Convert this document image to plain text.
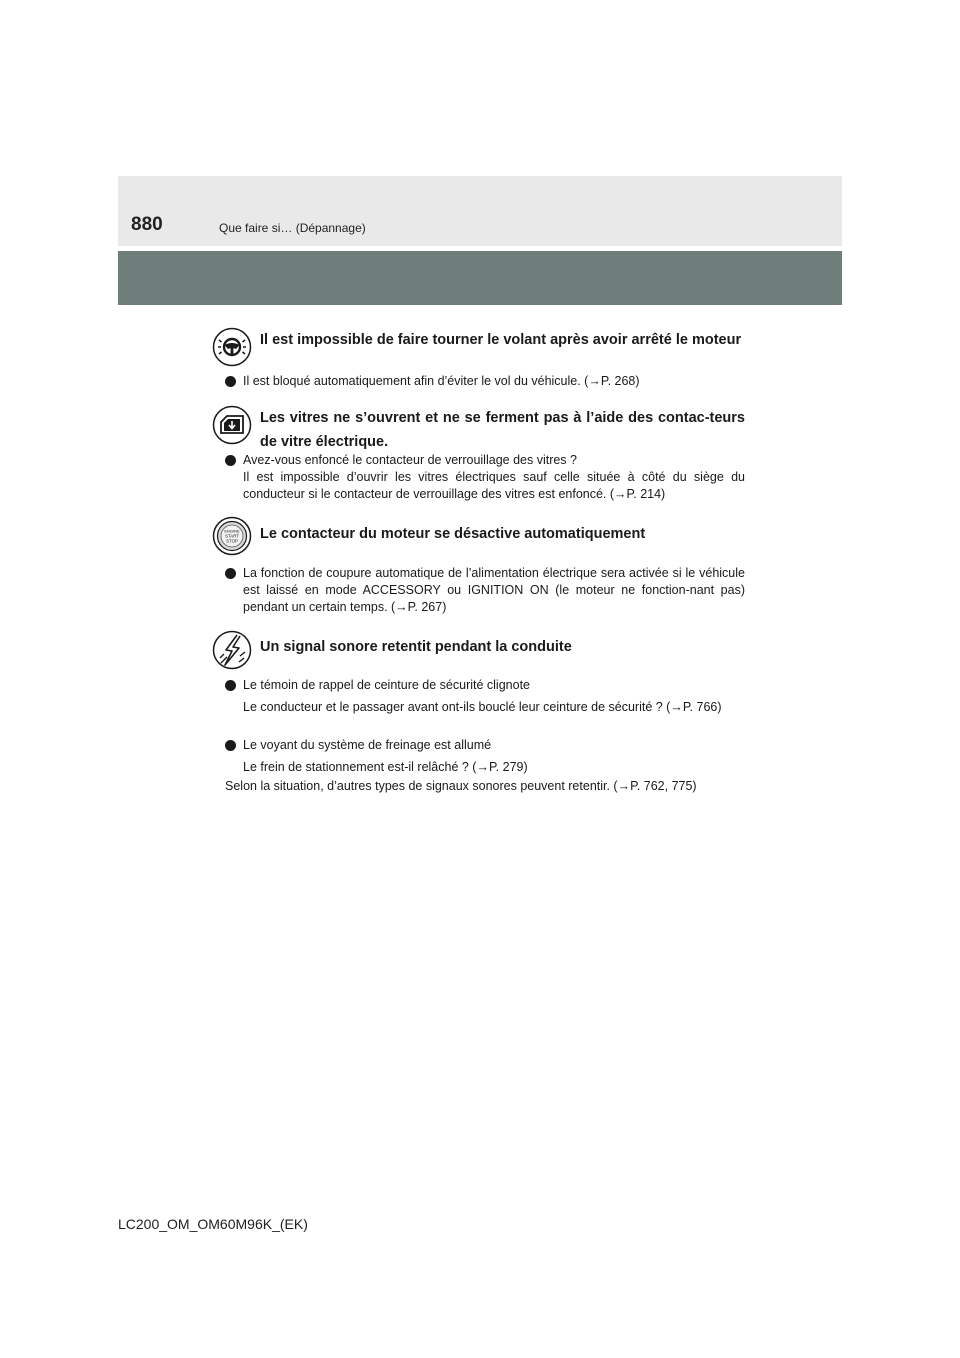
880	Que faire si… (Dépannage)
Il est impossible de faire tourner le volant après avoir arrêté le moteur

Il est bloqué automatiquement afin d’éviter le vol du véhicule. (→P. 268)

Les vitres ne s’ouvrent et ne se ferment pas à l’aide des contac-teurs de vitre électrique.

Avez-vous enfoncé le contacteur de verrouillage des vitres ?

Il est impossible d’ouvrir les vitres électriques sauf celle située à côté du siège du conducteur si le contacteur de verrouillage des vitres est enfoncé. (→P. 214)

ENGINE
START
STOP Le contacteur du moteur se désactive automatiquement

La fonction de coupure automatique de l’alimentation électrique sera activée si le véhicule est laissé en mode ACCESSORY ou IGNITION ON (le moteur ne fonction-nant pas) pendant un certain temps. (→P. 267)

Un signal sonore retentit pendant la conduite

Le témoin de rappel de ceinture de sécurité clignote

Le conducteur et le passager avant ont-ils bouclé leur ceinture de sécurité ? (→P. 766)

Le voyant du système de freinage est allumé

Le frein de stationnement est-il relâché ? (→P. 279)

Selon la situation, d’autres types de signaux sonores peuvent retentir. (→P. 762, 775)
LC200_OM_OM60M96K_(EK)
